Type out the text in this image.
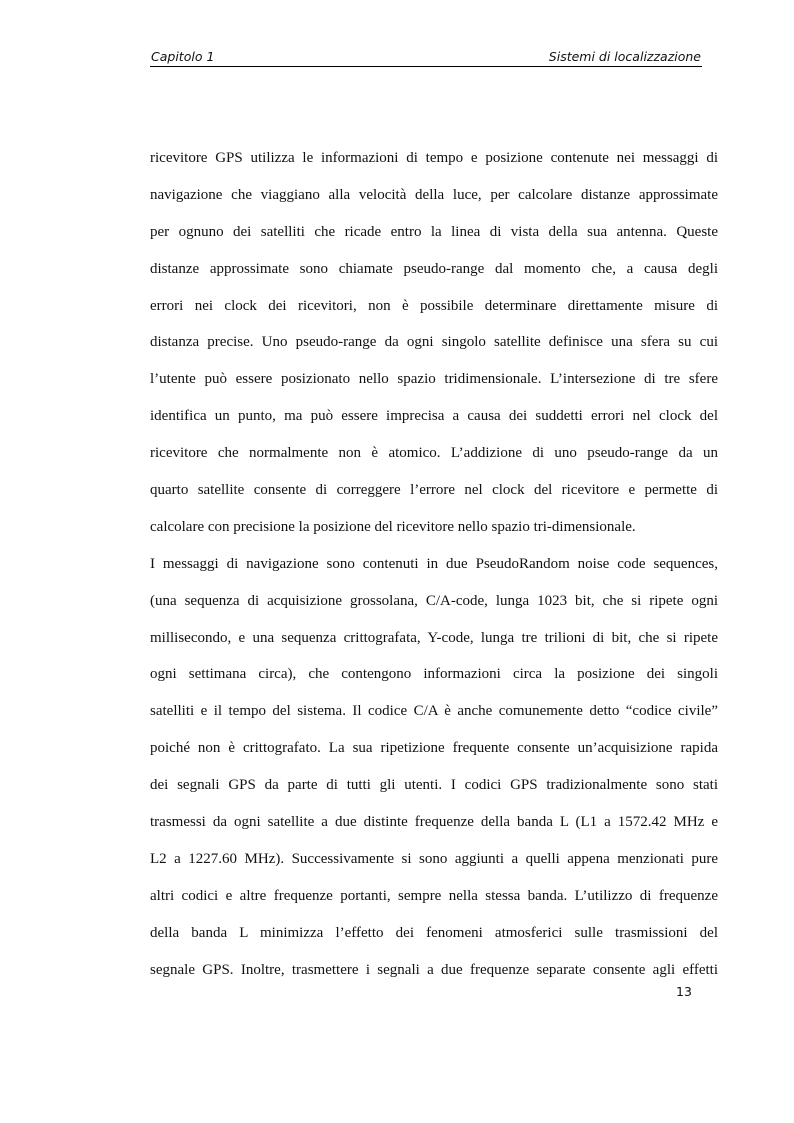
Capitolo 1	Sistemi di localizzazione
ricevitore GPS utilizza le informazioni di tempo e posizione contenute nei messaggi di
navigazione che viaggiano alla velocità della luce, per calcolare distanze approssimate
per ognuno dei satelliti che ricade entro la linea di vista della sua antenna. Queste
distanze approssimate sono chiamate pseudo-range dal momento che, a causa degli
errori nei clock dei ricevitori, non è possibile determinare direttamente misure di
distanza precise. Uno pseudo-range da ogni singolo satellite definisce una sfera su cui
l’utente può essere posizionato nello spazio tridimensionale. L’intersezione di tre sfere
identifica un punto, ma può essere imprecisa a causa dei suddetti errori nel clock del
ricevitore che normalmente non è atomico. L’addizione di uno pseudo-range da un
quarto satellite consente di correggere l’errore nel clock del ricevitore e permette di
calcolare con precisione la posizione del ricevitore nello spazio tri-dimensionale.
I messaggi di navigazione sono contenuti in due PseudoRandom noise code sequences,
(una sequenza di acquisizione grossolana, C/A-code, lunga 1023 bit, che si ripete ogni
millisecondo, e una sequenza crittografata, Y-code, lunga tre trilioni di bit, che si ripete
ogni settimana circa), che contengono informazioni circa la posizione dei singoli
satelliti e il tempo del sistema. Il codice C/A è anche comunemente detto “codice civile”
poiché non è crittografato. La sua ripetizione frequente consente un’acquisizione rapida
dei segnali GPS da parte di tutti gli utenti. I codici GPS tradizionalmente sono stati
trasmessi da ogni satellite a due distinte frequenze della banda L (L1 a 1572.42 MHz e
L2 a 1227.60 MHz). Successivamente si sono aggiunti a quelli appena menzionati pure
altri codici e altre frequenze portanti, sempre nella stessa banda. L’utilizzo di frequenze
della banda L minimizza l’effetto dei fenomeni atmosferici sulle trasmissioni del
segnale GPS. Inoltre, trasmettere i segnali a due frequenze separate consente agli effetti
13
